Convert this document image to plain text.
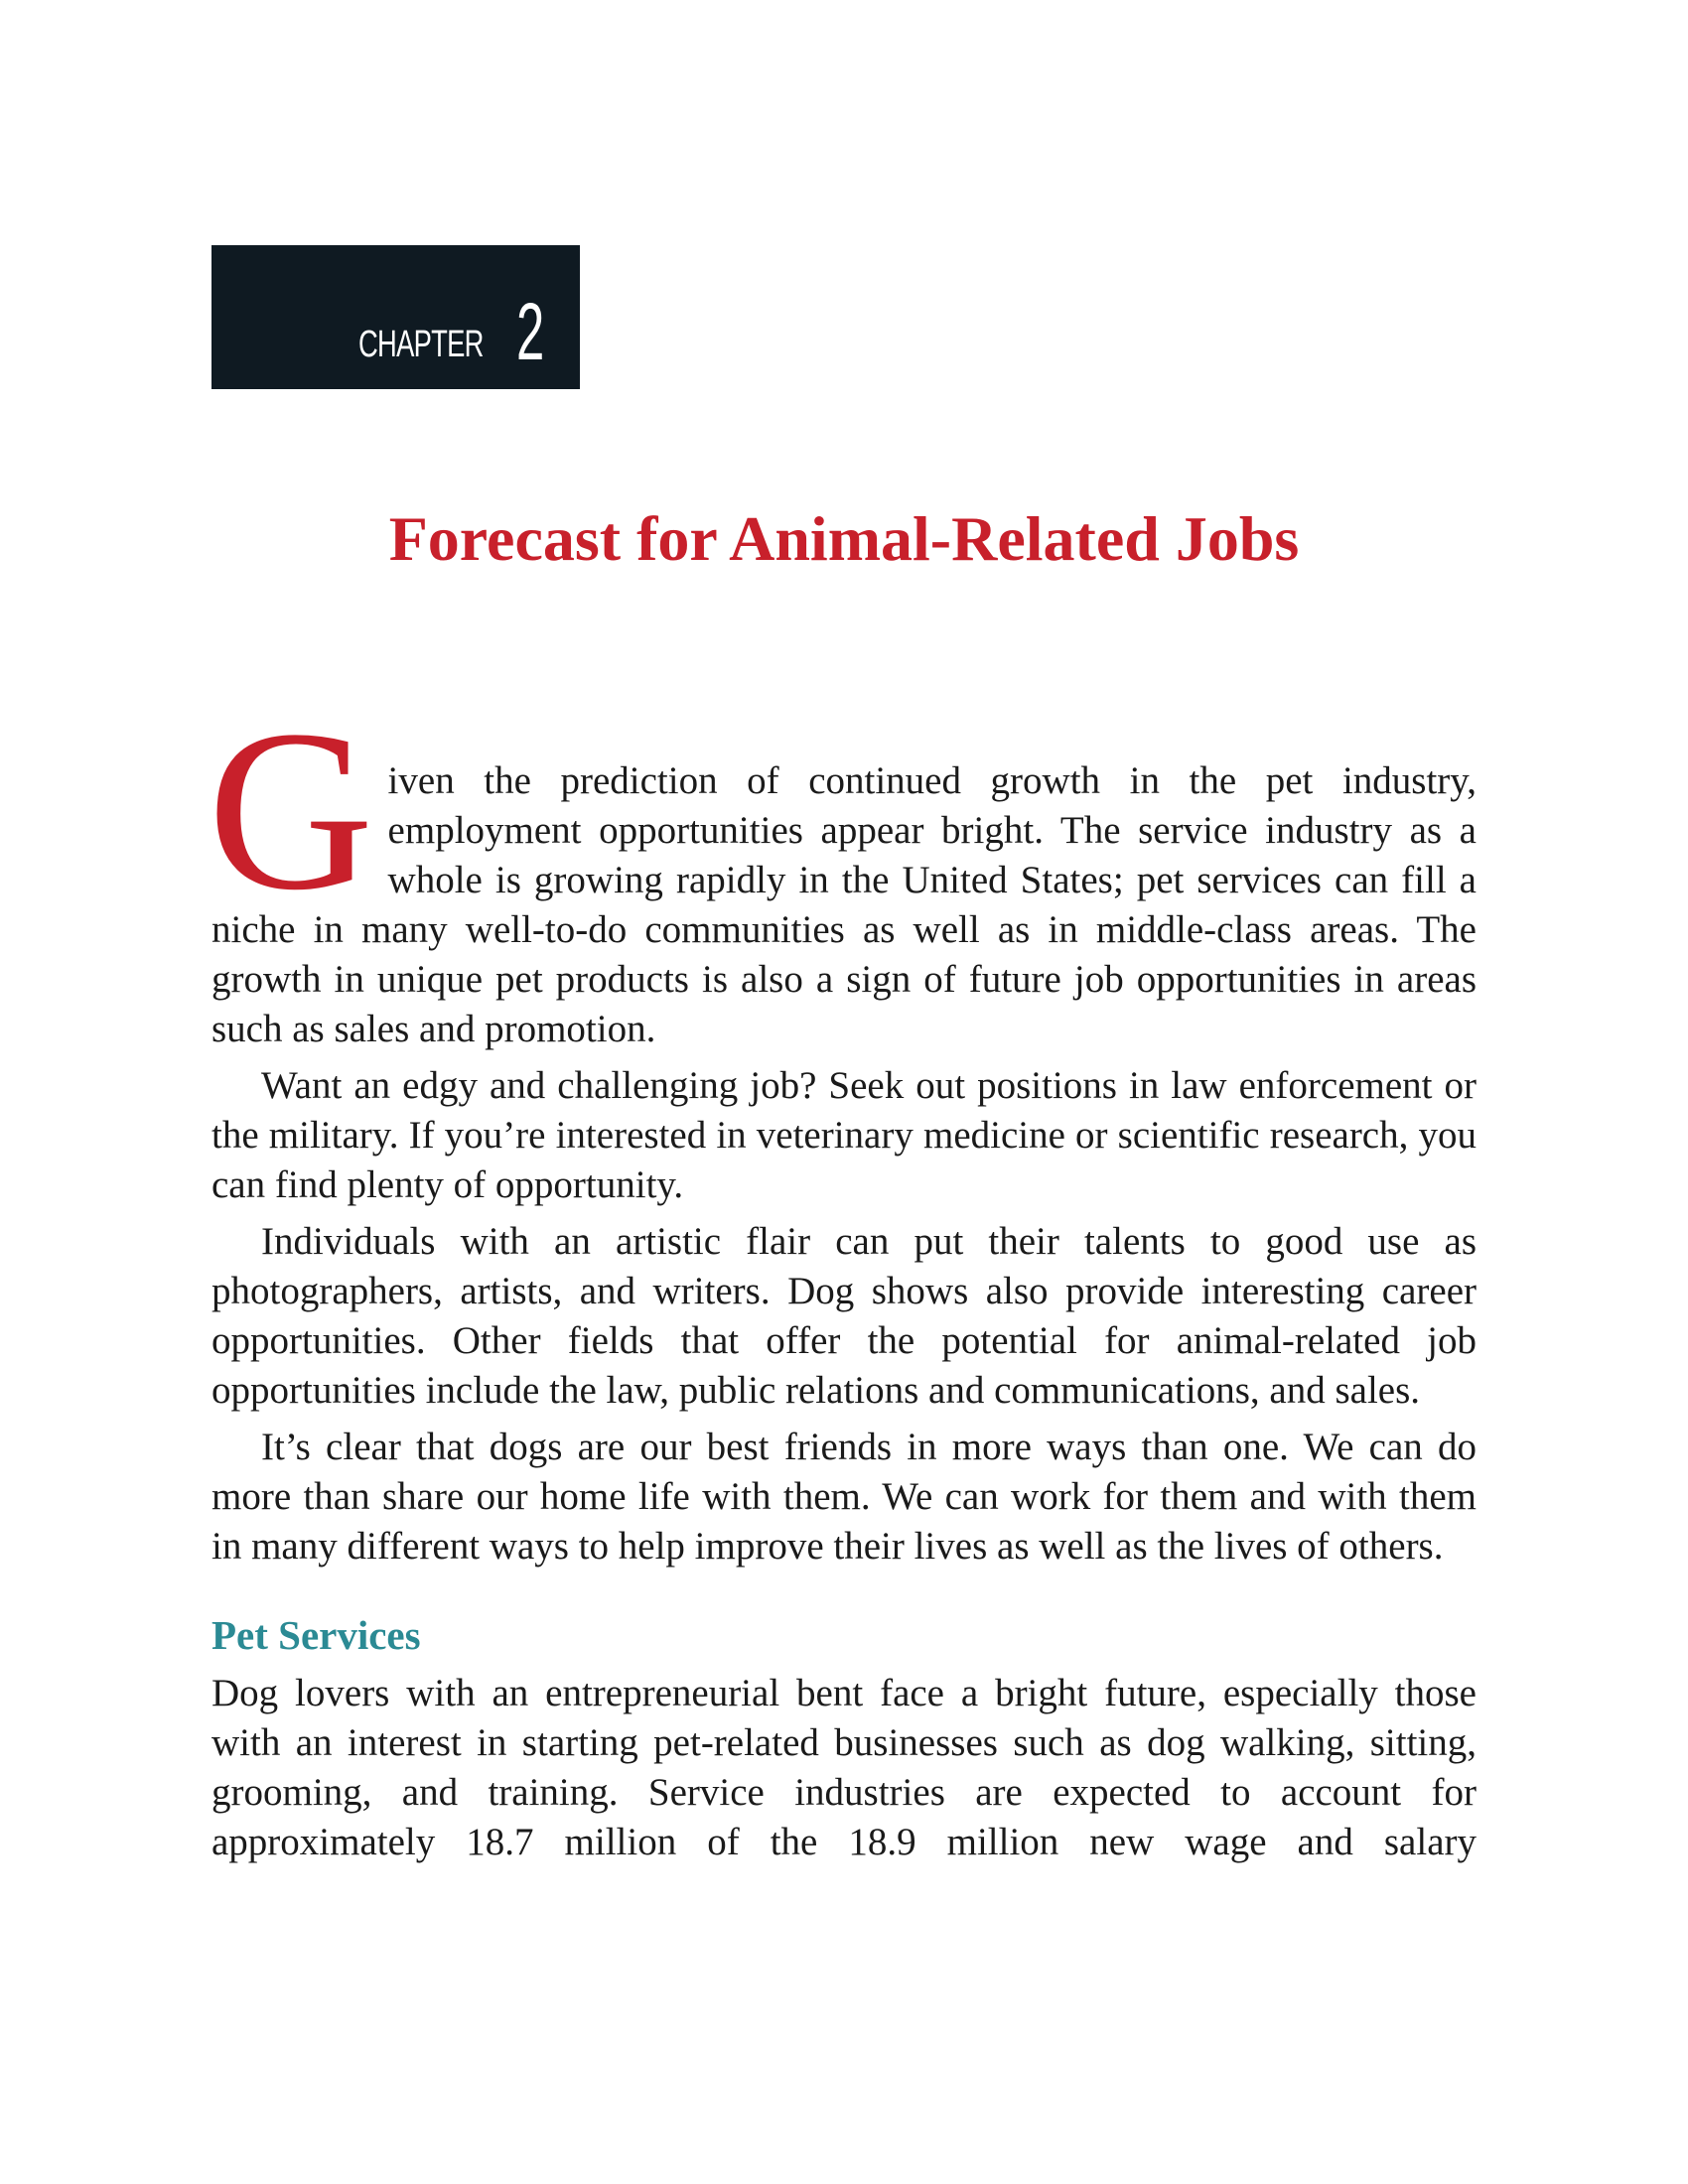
CHAPTER 2
Forecast for Animal-Related Jobs

Given the prediction of continued growth in the pet industry, employment opportunities appear bright. The service industry as a whole is growing rapidly in the United States; pet services can fill a niche in many well-to-do communities as well as in middle-class areas. The growth in unique pet products is also a sign of future job opportunities in areas such as sales and promotion.

Want an edgy and challenging job? Seek out positions in law enforcement or the military. If you’re interested in veterinary medicine or scientific research, you can find plenty of opportunity.

Individuals with an artistic flair can put their talents to good use as photographers, artists, and writers. Dog shows also provide interesting career opportunities. Other fields that offer the potential for animal-related job opportunities include the law, public relations and communications, and sales.

It’s clear that dogs are our best friends in more ways than one. We can do more than share our home life with them. We can work for them and with them in many different ways to help improve their lives as well as the lives of others.

Pet Services

Dog lovers with an entrepreneurial bent face a bright future, especially those with an interest in starting pet-related businesses such as dog walking, sitting, grooming, and training. Service industries are expected to account for approximately 18.7 million of the 18.9 million new wage and salary
